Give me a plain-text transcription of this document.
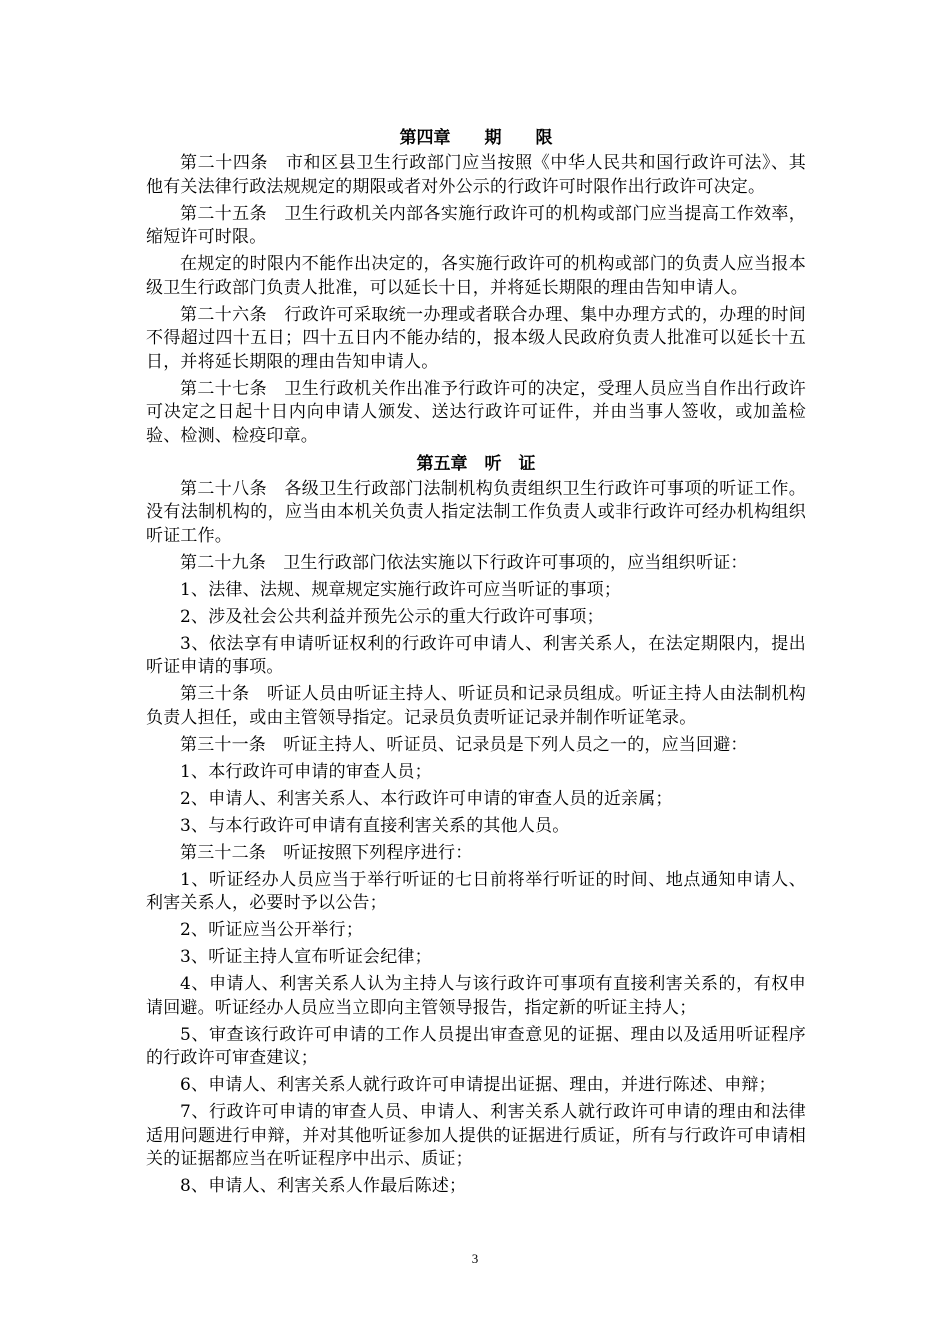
第四章　　期　　限

第二十四条　市和区县卫生行政部门应当按照《中华人民共和国行政许可法》、其他有关法律行政法规规定的期限或者对外公示的行政许可时限作出行政许可决定。

第二十五条　卫生行政机关内部各实施行政许可的机构或部门应当提高工作效率，缩短许可时限。

在规定的时限内不能作出决定的，各实施行政许可的机构或部门的负责人应当报本级卫生行政部门负责人批准，可以延长十日，并将延长期限的理由告知申请人。

第二十六条　行政许可采取统一办理或者联合办理、集中办理方式的，办理的时间不得超过四十五日；四十五日内不能办结的，报本级人民政府负责人批准可以延长十五日，并将延长期限的理由告知申请人。

第二十七条　卫生行政机关作出准予行政许可的决定，受理人员应当自作出行政许可决定之日起十日内向申请人颁发、送达行政许可证件，并由当事人签收，或加盖检验、检测、检疫印章。

第五章　听　证

第二十八条　各级卫生行政部门法制机构负责组织卫生行政许可事项的听证工作。没有法制机构的，应当由本机关负责人指定法制工作负责人或非行政许可经办机构组织听证工作。

第二十九条　卫生行政部门依法实施以下行政许可事项的，应当组织听证：

1、法律、法规、规章规定实施行政许可应当听证的事项；

2、涉及社会公共利益并预先公示的重大行政许可事项；

3、依法享有申请听证权利的行政许可申请人、利害关系人，在法定期限内，提出听证申请的事项。

第三十条　听证人员由听证主持人、听证员和记录员组成。听证主持人由法制机构负责人担任，或由主管领导指定。记录员负责听证记录并制作听证笔录。

第三十一条　听证主持人、听证员、记录员是下列人员之一的，应当回避：

1、本行政许可申请的审查人员；

2、申请人、利害关系人、本行政许可申请的审查人员的近亲属；

3、与本行政许可申请有直接利害关系的其他人员。

第三十二条　听证按照下列程序进行：

1、听证经办人员应当于举行听证的七日前将举行听证的时间、地点通知申请人、利害关系人，必要时予以公告；

2、听证应当公开举行；

3、听证主持人宣布听证会纪律；

4、申请人、利害关系人认为主持人与该行政许可事项有直接利害关系的，有权申请回避。听证经办人员应当立即向主管领导报告，指定新的听证主持人；

5、审查该行政许可申请的工作人员提出审查意见的证据、理由以及适用听证程序的行政许可审查建议；

6、申请人、利害关系人就行政许可申请提出证据、理由，并进行陈述、申辩；

7、行政许可申请的审查人员、申请人、利害关系人就行政许可申请的理由和法律适用问题进行申辩，并对其他听证参加人提供的证据进行质证，所有与行政许可申请相关的证据都应当在听证程序中出示、质证；

8、申请人、利害关系人作最后陈述；

3
